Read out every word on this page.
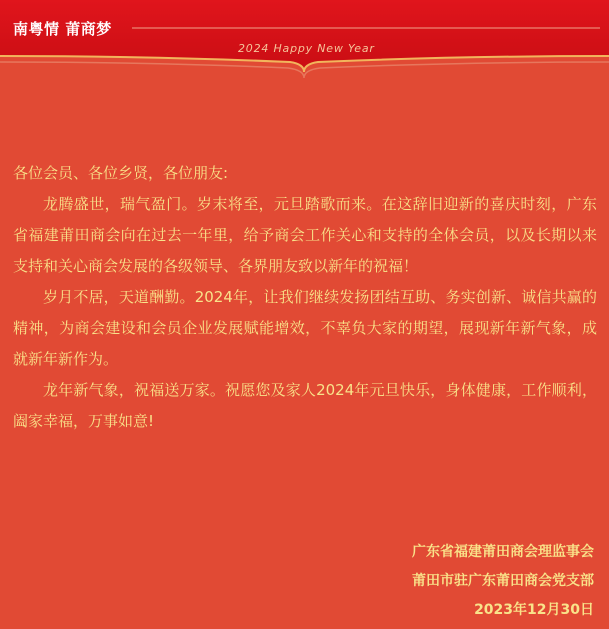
南粤情 莆商梦
2024 Happy New Year

各位会员、各位乡贤，各位朋友:

龙腾盛世，瑞气盈门。岁末将至，元旦踏歌而来。在这辞旧迎新的喜庆时刻，广东省福建莆田商会向在过去一年里，给予商会工作关心和支持的全体会员，以及长期以来支持和关心商会发展的各级领导、各界朋友致以新年的祝福！

岁月不居，天道酬勤。2024年，让我们继续发扬团结互助、务实创新、诚信共赢的精神，为商会建设和会员企业发展赋能增效，不辜负大家的期望，展现新年新气象，成就新年新作为。

龙年新气象，祝福送万家。祝愿您及家人2024年元旦快乐，身体健康，工作顺利，阖家幸福，万事如意!

广东省福建莆田商会理监事会
莆田市驻广东莆田商会党支部
2023年12月30日
